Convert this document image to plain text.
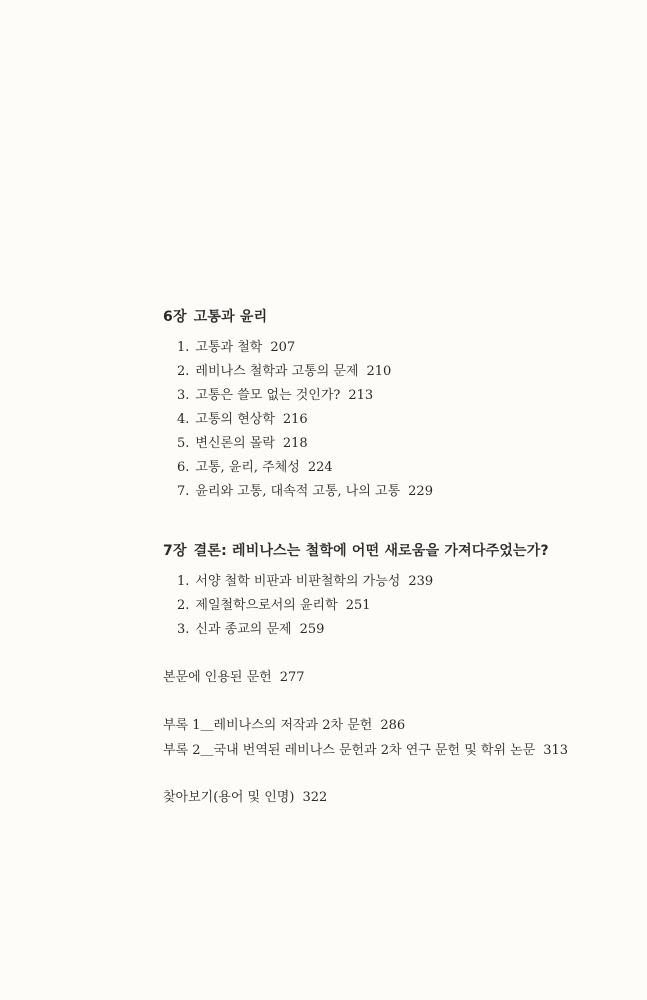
6장 고통과 윤리
1. 고통과 철학 207
2. 레비나스 철학과 고통의 문제 210
3. 고통은 쓸모 없는 것인가? 213
4. 고통의 현상학 216
5. 변신론의 몰락 218
6. 고통, 윤리, 주체성 224
7. 윤리와 고통, 대속적 고통, 나의 고통 229
7장 결론: 레비나스는 철학에 어떤 새로움을 가져다주었는가?
1. 서양 철학 비판과 비판철학의 가능성 239
2. 제일철학으로서의 윤리학 251
3. 신과 종교의 문제 259
본문에 인용된 문헌 277
부록 1＿레비나스의 저작과 2차 문헌 286
부록 2＿국내 번역된 레비나스 문헌과 2차 연구 문헌 및 학위 논문 313
찾아보기(용어 및 인명) 322
